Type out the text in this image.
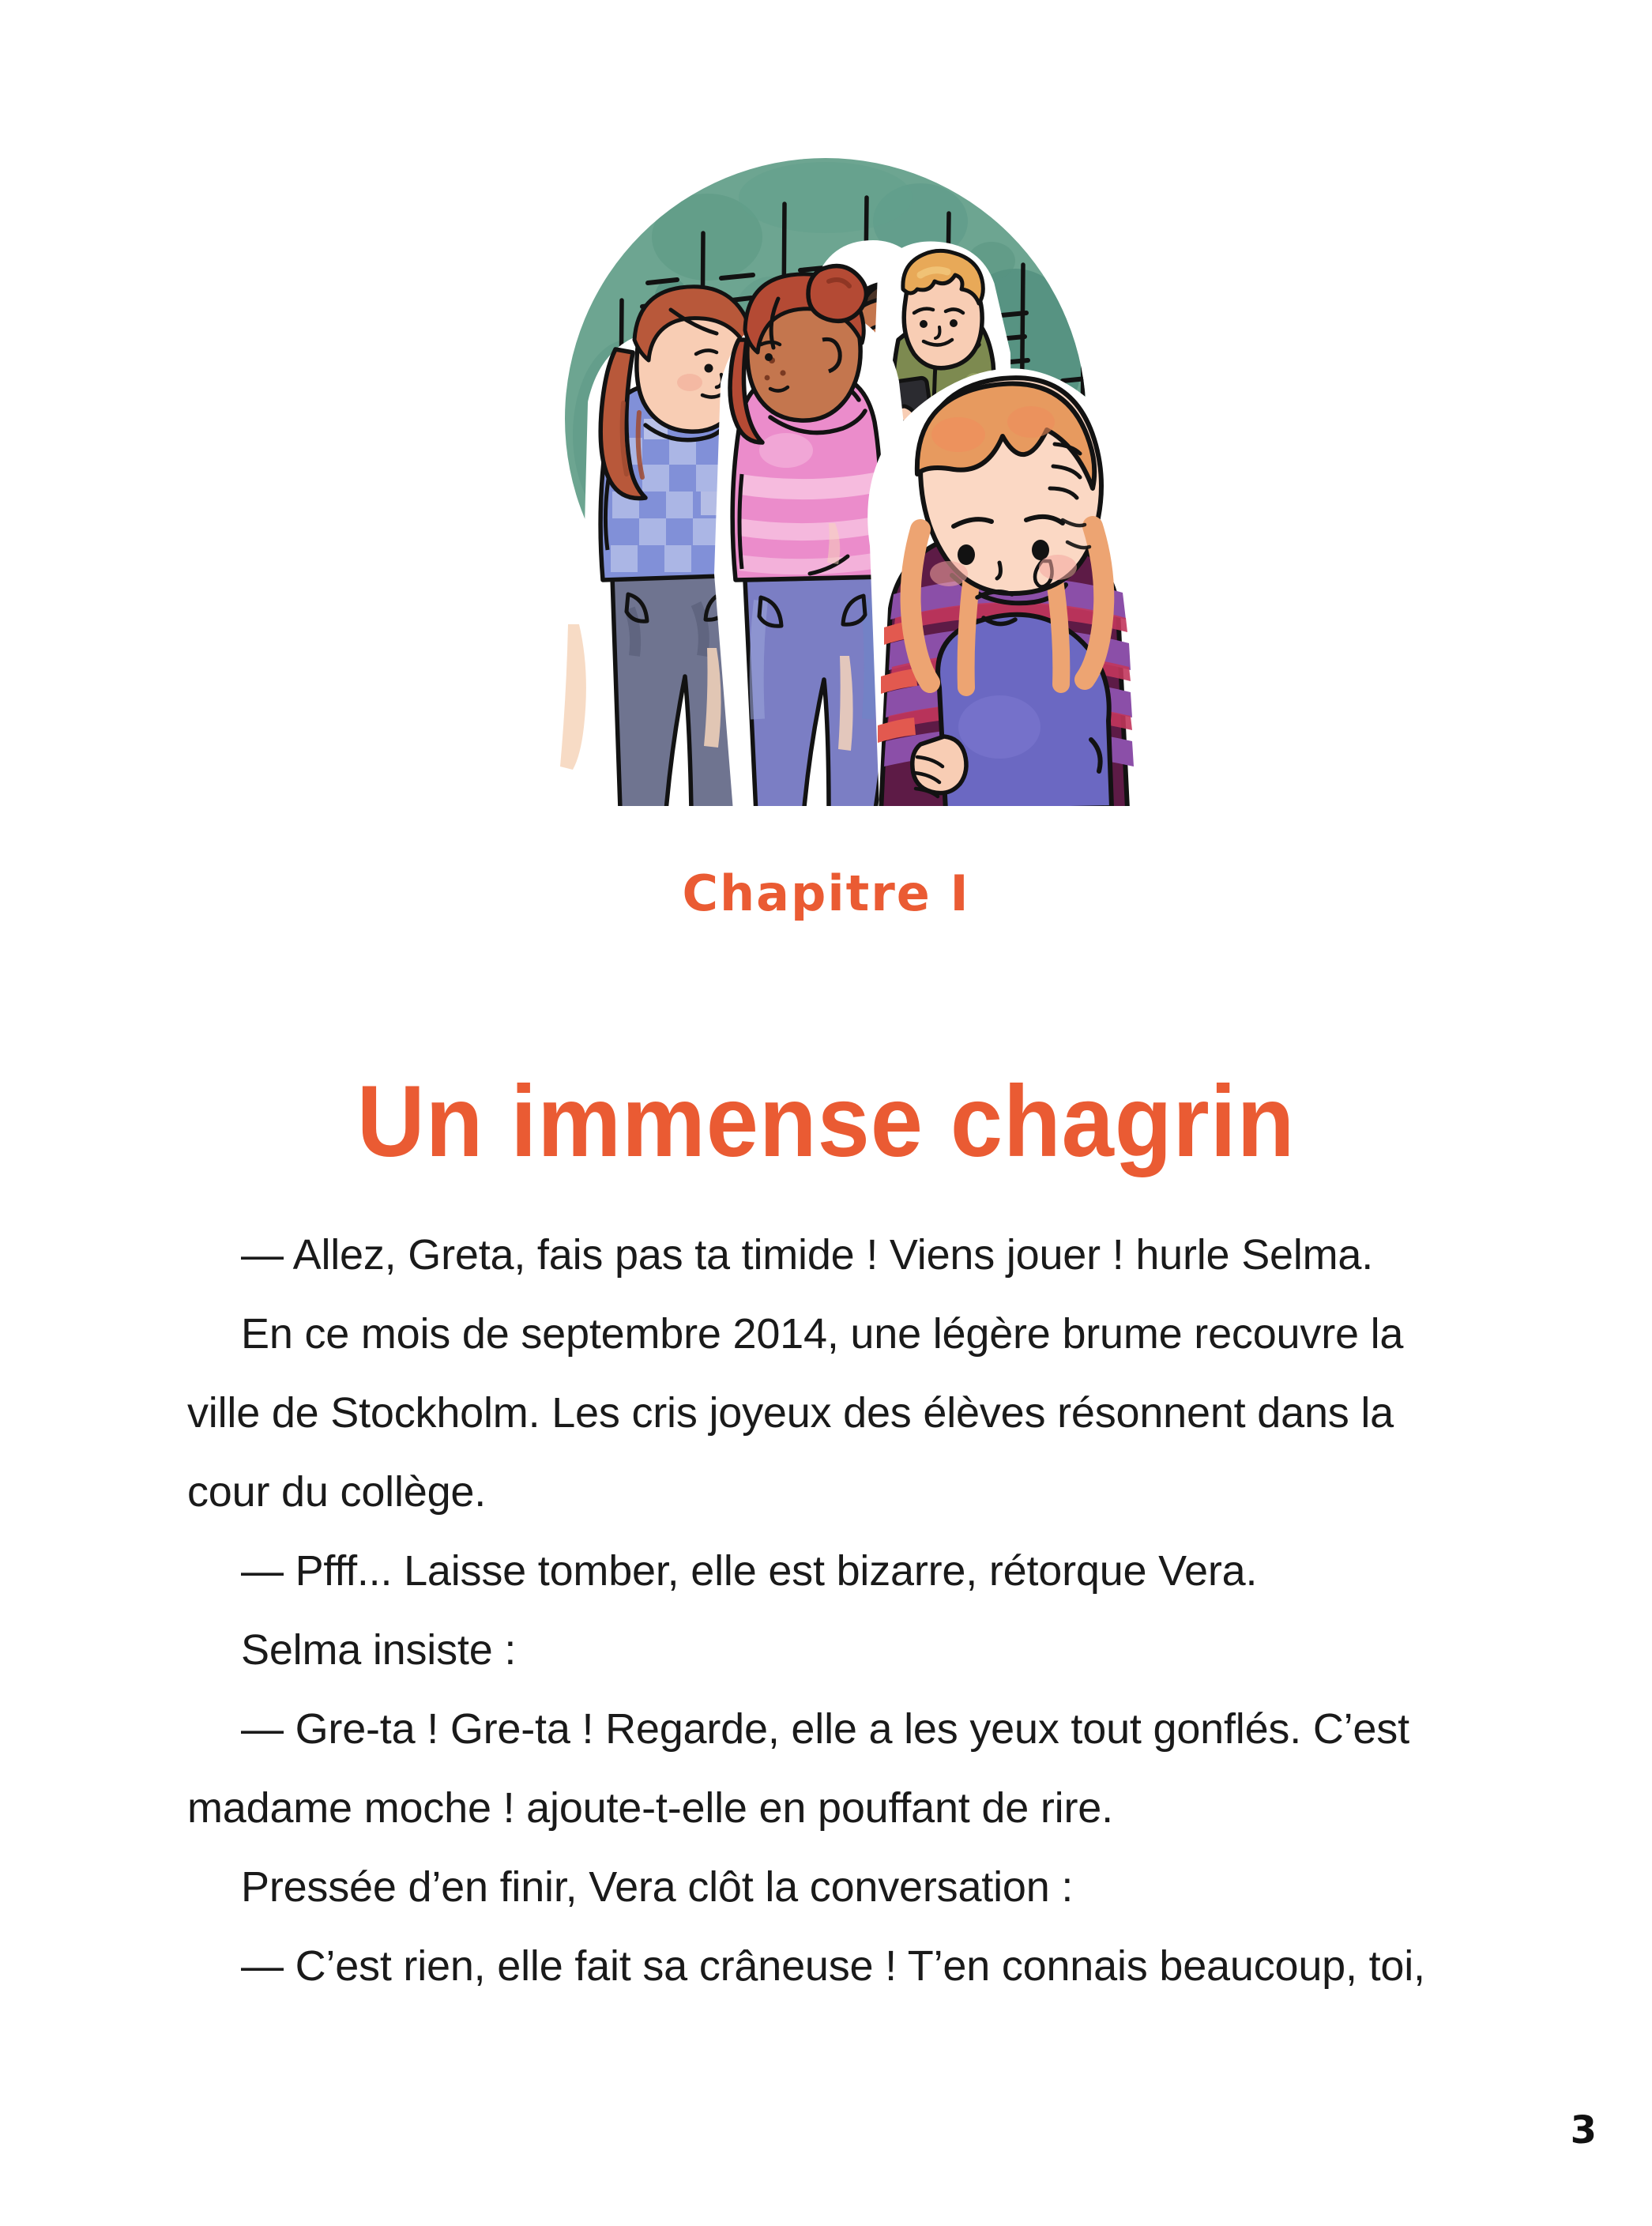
Chapitre I
Un immense chagrin

— Allez, Greta, fais pas ta timide ! Viens jouer ! hurle Selma.

En ce mois de septembre 2014, une légère brume recouvre la ville de Stockholm. Les cris joyeux des élèves résonnent dans la cour du collège.

— Pfff... Laisse tomber, elle est bizarre, rétorque Vera.

Selma insiste :

— Gre-ta ! Gre-ta ! Regarde, elle a les yeux tout gonflés. C’est madame moche ! ajoute-t-elle en pouffant de rire.

Pressée d’en finir, Vera clôt la conversation :

— C’est rien, elle fait sa crâneuse ! T’en connais beaucoup, toi,

3
